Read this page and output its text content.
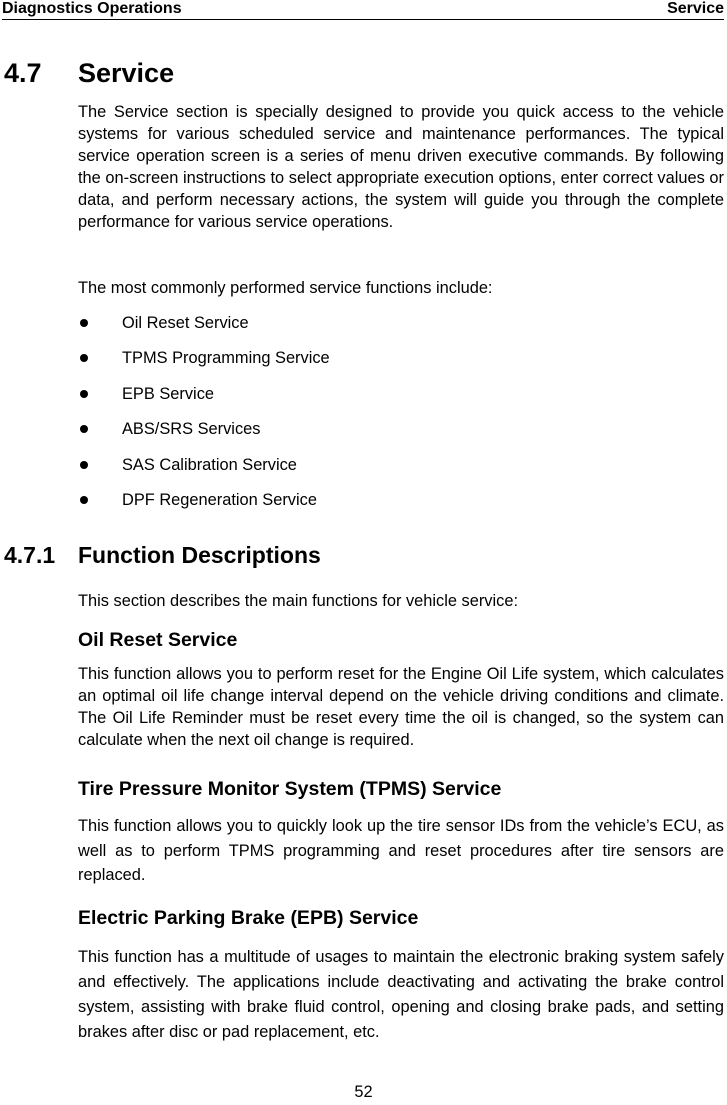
Diagnostics Operations	Service
4.7 Service

The Service section is specially designed to provide you quick access to the vehicle systems for various scheduled service and maintenance performances. The typical service operation screen is a series of menu driven executive commands. By following the on-screen instructions to select appropriate execution options, enter correct values or data, and perform necessary actions, the system will guide you through the complete performance for various service operations.

The most commonly performed service functions include:

Oil Reset Service
TPMS Programming Service
EPB Service
ABS/SRS Services
SAS Calibration Service
DPF Regeneration Service
4.7.1 Function Descriptions

This section describes the main functions for vehicle service:

Oil Reset Service

This function allows you to perform reset for the Engine Oil Life system, which calculates an optimal oil life change interval depend on the vehicle driving conditions and climate. The Oil Life Reminder must be reset every time the oil is changed, so the system can calculate when the next oil change is required.

Tire Pressure Monitor System (TPMS) Service

This function allows you to quickly look up the tire sensor IDs from the vehicle’s ECU, as well as to perform TPMS programming and reset procedures after tire sensors are replaced.

Electric Parking Brake (EPB) Service

This function has a multitude of usages to maintain the electronic braking system safely and effectively. The applications include deactivating and activating the brake control system, assisting with brake fluid control, opening and closing brake pads, and setting brakes after disc or pad replacement, etc.

52
